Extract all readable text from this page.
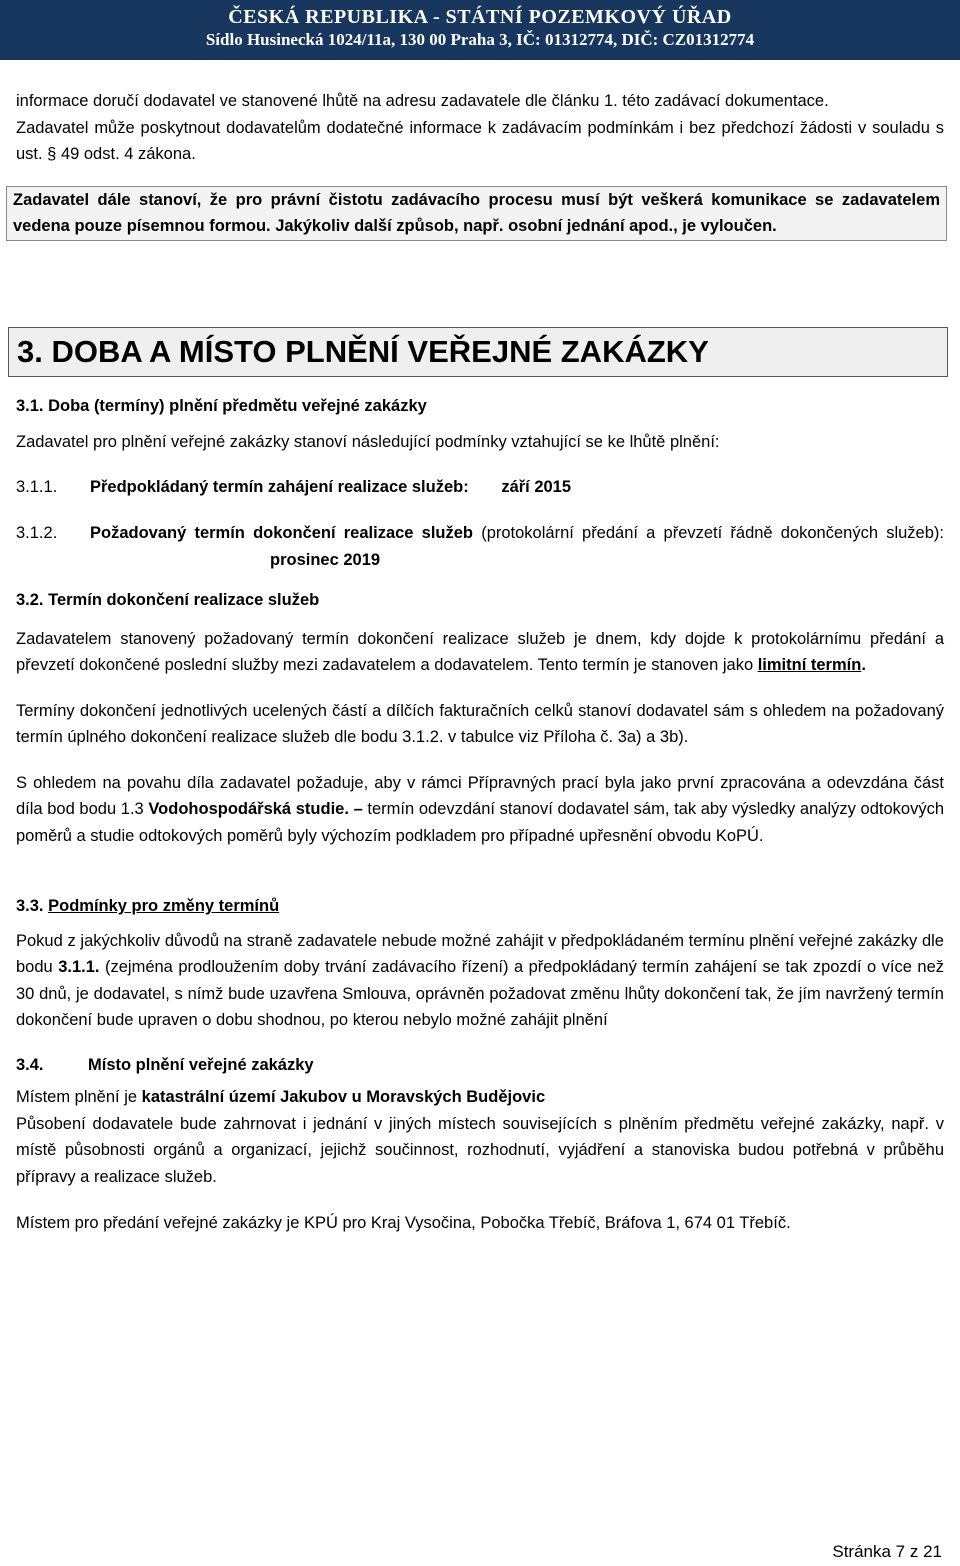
ČESKÁ REPUBLIKA - STÁTNÍ POZEMKOVÝ ÚŘAD
Sídlo Husinecká 1024/11a, 130 00 Praha 3, IČ: 01312774, DIČ: CZ01312774

informace doručí dodavatel ve stanovené lhůtě na adresu zadavatele dle článku 1. této zadávací dokumentace.

Zadavatel může poskytnout dodavatelům dodatečné informace k zadávacím podmínkám i bez předchozí žádosti v souladu s ust. § 49 odst. 4 zákona.

Zadavatel dále stanoví, že pro právní čistotu zadávacího procesu musí být veškerá komunikace se zadavatelem vedena pouze písemnou formou. Jakýkoliv další způsob, např. osobní jednání apod., je vyloučen.

3. DOBA A MÍSTO PLNĚNÍ VEŘEJNÉ ZAKÁZKY

3.1. Doba (termíny) plnění předmětu veřejné zakázky

Zadavatel pro plnění veřejné zakázky stanoví následující podmínky vztahující se ke lhůtě plnění:

3.1.1.	Předpokládaný termín zahájení realizace služeb: září 2015
3.1.2.	Požadovaný termín dokončení realizace služeb (protokolární předání a převzetí řádně dokončených služeb): prosinec 2019

3.2. Termín dokončení realizace služeb

Zadavatelem stanovený požadovaný termín dokončení realizace služeb je dnem, kdy dojde k protokolárnímu předání a převzetí dokončené poslední služby mezi zadavatelem a dodavatelem. Tento termín je stanoven jako limitní termín.

Termíny dokončení jednotlivých ucelených částí a dílčích fakturačních celků stanoví dodavatel sám s ohledem na požadovaný termín úplného dokončení realizace služeb dle bodu 3.1.2. v tabulce viz Příloha č. 3a) a 3b).

S ohledem na povahu díla zadavatel požaduje, aby v rámci Přípravných prací byla jako první zpracována a odevzdána část díla bod bodu 1.3 Vodohospodářská studie. – termín odevzdání stanoví dodavatel sám, tak aby výsledky analýzy odtokových poměrů a studie odtokových poměrů byly výchozím podkladem pro případné upřesnění obvodu KoPÚ.

3.3. Podmínky pro změny termínů

Pokud z jakýchkoliv důvodů na straně zadavatele nebude možné zahájit v předpokládaném termínu plnění veřejné zakázky dle bodu 3.1.1. (zejména prodloužením doby trvání zadávacího řízení) a předpokládaný termín zahájení se tak zpozdí o více než 30 dnů, je dodavatel, s nímž bude uzavřena Smlouva, oprávněn požadovat změnu lhůty dokončení tak, že jím navržený termín dokončení bude upraven o dobu shodnou, po kterou nebylo možné zahájit plnění

3.4.	Místo plnění veřejné zakázky

Místem plnění je katastrální území Jakubov u Moravských Budějovic

Působení dodavatele bude zahrnovat i jednání v jiných místech souvisejících s plněním předmětu veřejné zakázky, např. v místě působnosti orgánů a organizací, jejichž součinnost, rozhodnutí, vyjádření a stanoviska budou potřebná v průběhu přípravy a realizace služeb.

Místem pro předání veřejné zakázky je KPÚ pro Kraj Vysočina, Pobočka Třebíč, Bráfova 1, 674 01 Třebíč.

Stránka 7 z 21
